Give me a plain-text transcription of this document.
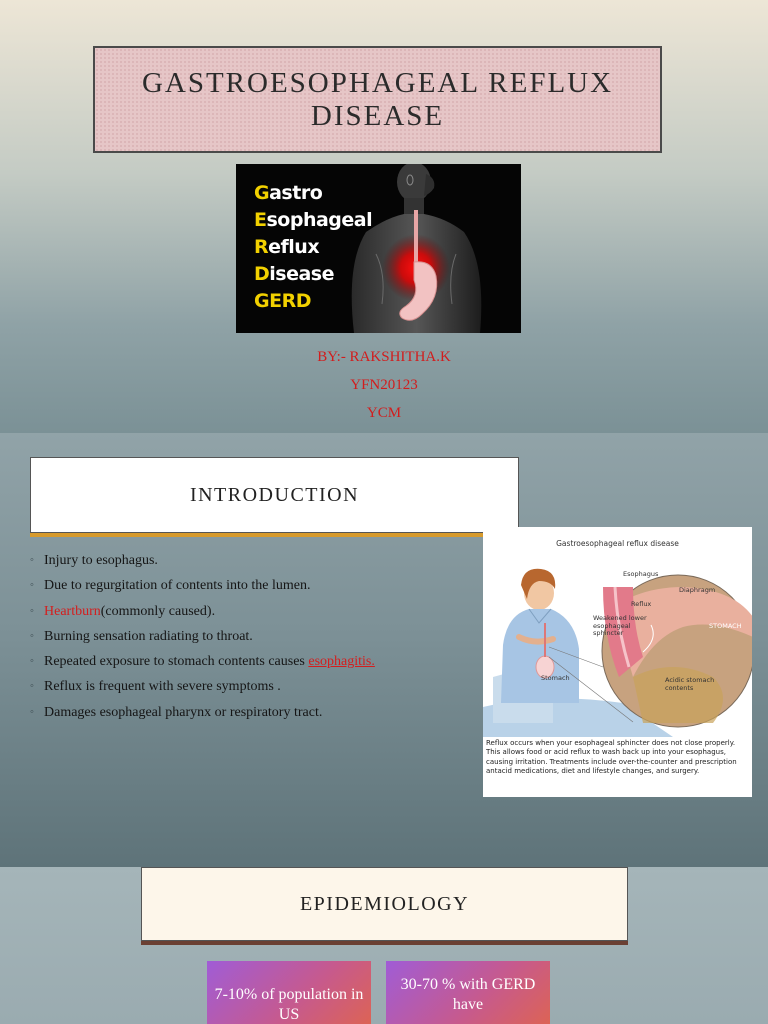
GASTROESOPHAGEAL REFLUX DISEASE
Gastro
Esophageal
Reflux
Disease
GERD
BY:- RAKSHITHA.K
YFN20123
YCM
INTRODUCTION
◦ Injury to esophagus.
◦ Due to regurgitation of contents into the lumen.
◦ Heartburn(commonly caused).
◦ Burning sensation radiating to throat.
◦ Repeated exposure to stomach contents causes esophagitis.
◦ Reflux is frequent with severe symptoms .
◦ Damages esophageal pharynx or respiratory tract.
Gastroesophageal reflux disease
Esophagus
Diaphragm
Reflux
STOMACH
Weakened lower esophageal sphincter
Stomach	Acidic stomach contents
Reflux occurs when your esophageal sphincter does not close properly. This allows food or acid reflux to wash back up into your esophagus, causing irritation. Treatments include over-the-counter and prescription antacid medications, diet and lifestyle changes, and surgery.
EPIDEMIOLOGY
7-10% of population in US
30-70 % with GERD have
